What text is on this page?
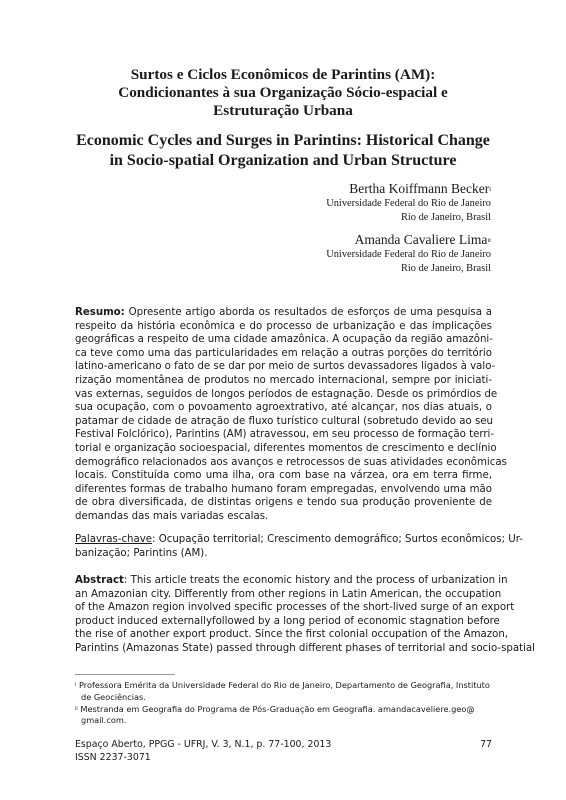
Surtos e Ciclos Econômicos de Parintins (AM):
Condicionantes à sua Organização Sócio-espacial e
Estruturação Urbana
Economic Cycles and Surges in Parintins: Historical Change
in Socio-spatial Organization and Urban Structure
Bertha Koiffmann Becker$^i$
Universidade Federal do Rio de Janeiro
Rio de Janeiro, Brasil
Amanda Cavaliere Lima$^{ii}$
Universidade Federal do Rio de Janeiro
Rio de Janeiro, Brasil
Resumo: Opresente artigo aborda os resultados de esforços de uma pesquisa a
respeito da história econômica e do processo de urbanização e das implicações
geográficas a respeito de uma cidade amazônica. A ocupação da região amazôni-
ca teve como uma das particularidades em relação a outras porções do território
latino-americano o fato de se dar por meio de surtos devassadores ligados à valo-
rização momentânea de produtos no mercado internacional, sempre por iniciati-
vas externas, seguidos de longos períodos de estagnação. Desde os primórdios de
sua ocupação, com o povoamento agroextrativo, até alcançar, nos dias atuais, o
patamar de cidade de atração de fluxo turístico cultural (sobretudo devido ao seu
Festival Folclórico), Parintins (AM) atravessou, em seu processo de formação terri-
torial e organização socioespacial, diferentes momentos de crescimento e declínio
demográfico relacionados aos avanços e retrocessos de suas atividades econômicas
locais. Constituída como uma ilha, ora com base na várzea, ora em terra firme,
diferentes formas de trabalho humano foram empregadas, envolvendo uma mão
de obra diversificada, de distintas origens e tendo sua produção proveniente de
demandas das mais variadas escalas.
Palavras-chave: Ocupação territorial; Crescimento demográfico; Surtos econômicos; Ur-
banização; Parintins (AM).
Abstract: This article treats the economic history and the process of urbanization in
an Amazonian city. Differently from other regions in Latin American, the occupation
of the Amazon region involved specific processes of the short-lived surge of an export
product induced externallyfollowed by a long period of economic stagnation before
the rise of another export product. Since the first colonial occupation of the Amazon,
Parintins (Amazonas State) passed through different phases of territorial and socio-spatial
$^i$ Professora Emérita da Universidade Federal do Rio de Janeiro, Departamento de Geografia, Instituto
de Geociências.
$^{ii}$ Mestranda em Geografia do Programa de Pós-Graduação em Geografia. amandacaveliere.geo@
gmail.com.
Espaço Aberto, PPGG - UFRJ, V. 3, N.1, p. 77-100, 2013
ISSN 2237-3071
77
